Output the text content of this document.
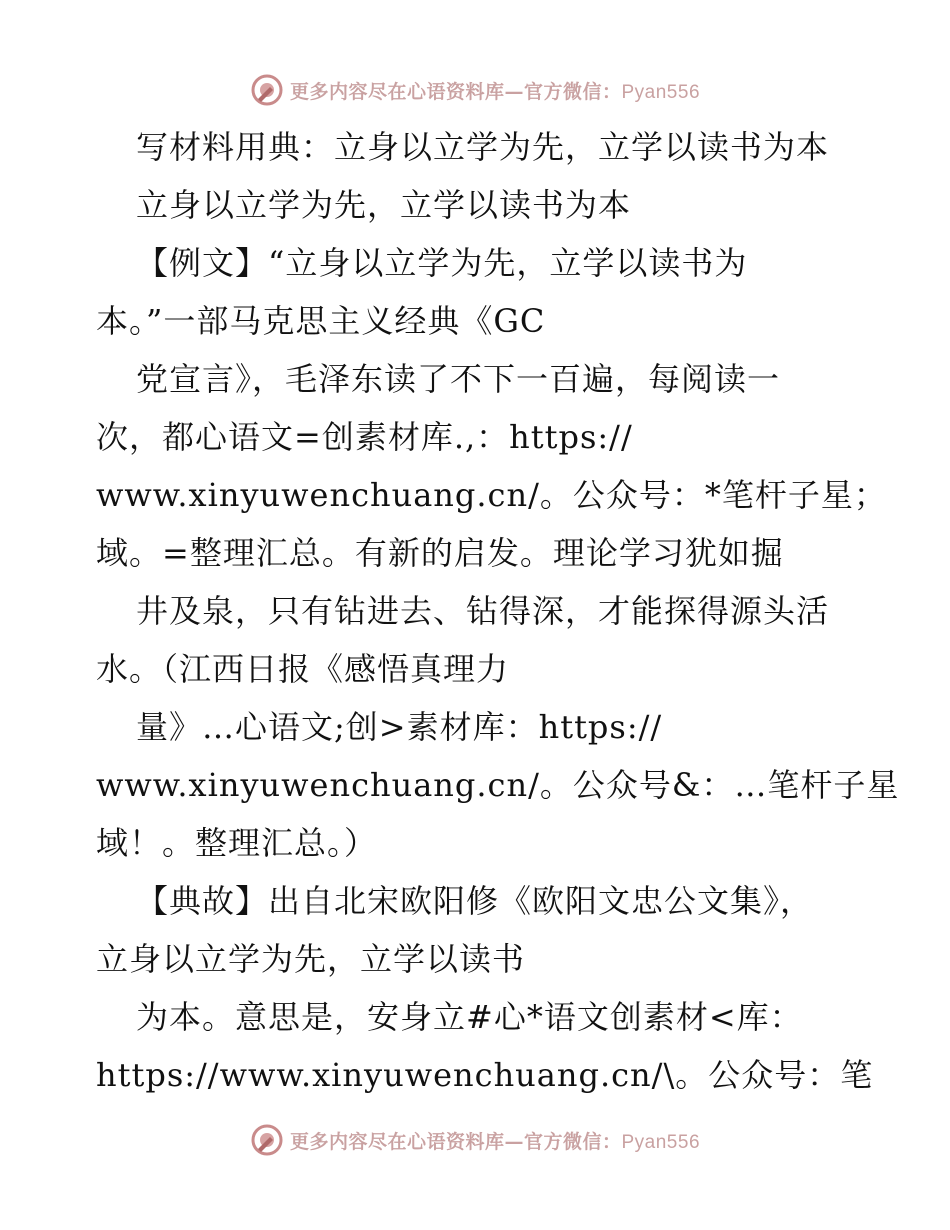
更多内容尽在心语资料库—官方微信：Pyan556
写材料用典：立身以立学为先，立学以读书为本
立身以立学为先，立学以读书为本
【例文】“立身以立学为先，立学以读书为
本。”一部马克思主义经典《GC
党宣言》，毛泽东读了不下一百遍，每阅读一
次，都心语文=创素材库.,：https://
www.xinyuwenchuang.cn/。公众号：*笔杆子星；
域。=整理汇总。有新的启发。理论学习犹如掘
井及泉，只有钻进去、钻得深，才能探得源头活
水。（江西日报《感悟真理力
量》…心语文;创>素材库：https://
www.xinyuwenchuang.cn/。公众号&：…笔杆子星
域！。整理汇总。）
【典故】出自北宋欧阳修《欧阳文忠公文集》，
立身以立学为先，立学以读书
为本。意思是，安身立#心*语文创素材<库：
https://www.xinyuwenchuang.cn/\。公众号：笔
更多内容尽在心语资料库—官方微信：Pyan556
